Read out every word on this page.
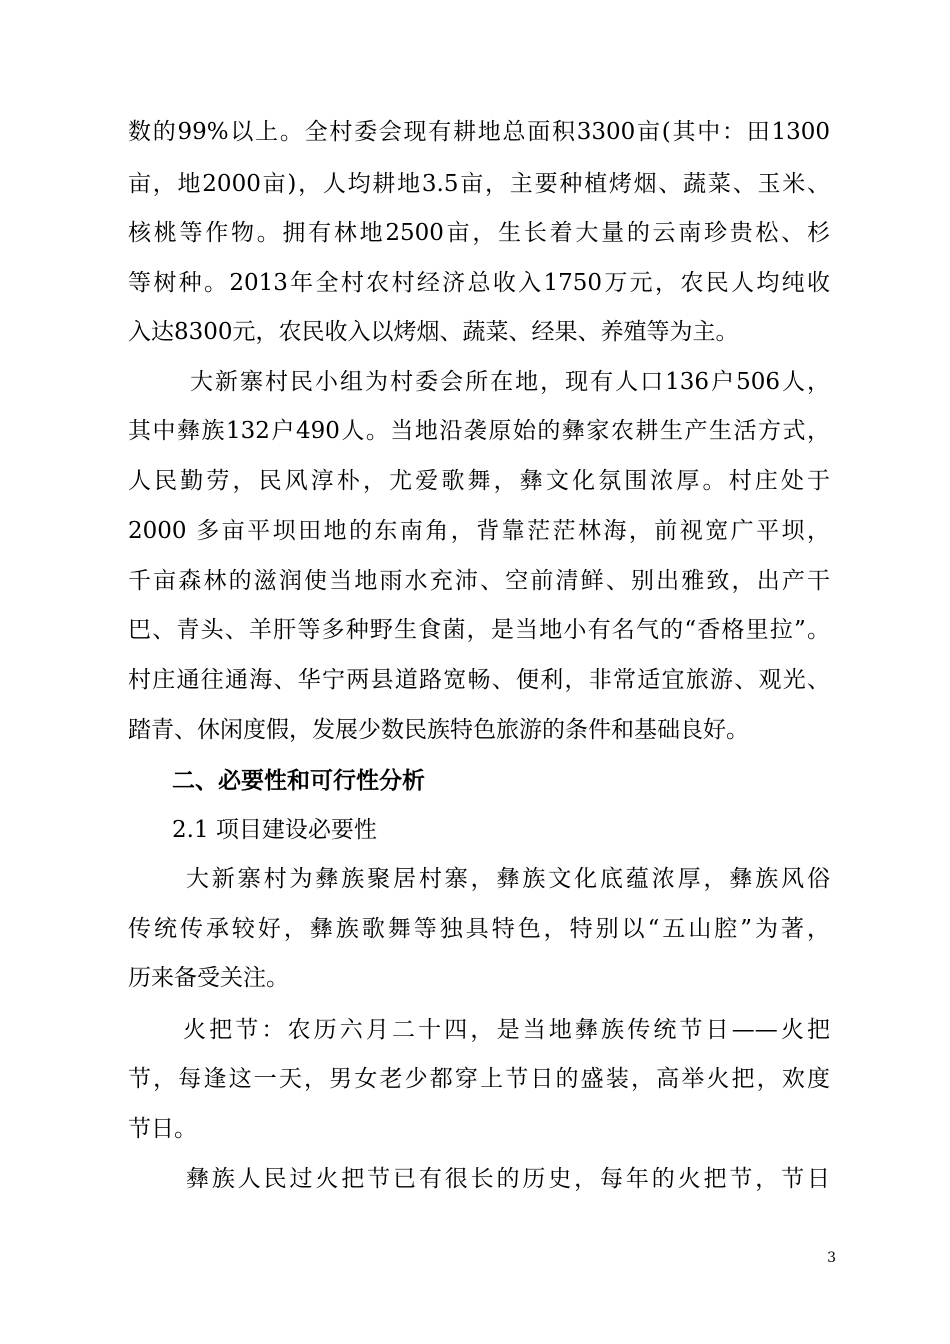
数的99%以上。全村委会现有耕地总面积3300亩(其中：田1300
亩，地2000亩)，人均耕地3.5亩，主要种植烤烟、蔬菜、玉米、
核桃等作物。拥有林地2500亩，生长着大量的云南珍贵松、杉
等树种。2013年全村农村经济总收入1750万元，农民人均纯收
入达8300元，农民收入以烤烟、蔬菜、经果、养殖等为主。
大新寨村民小组为村委会所在地，现有人口136户506人，
其中彝族132户490人。当地沿袭原始的彝家农耕生产生活方式，
人民勤劳，民风淳朴，尤爱歌舞，彝文化氛围浓厚。村庄处于
2000 多亩平坝田地的东南角，背靠茫茫林海，前视宽广平坝，
千亩森林的滋润使当地雨水充沛、空前清鲜、别出雅致，出产干
巴、青头、羊肝等多种野生食菌，是当地小有名气的“香格里拉”。
村庄通往通海、华宁两县道路宽畅、便利，非常适宜旅游、观光、
踏青、休闲度假，发展少数民族特色旅游的条件和基础良好。
二、必要性和可行性分析
2.1 项目建设必要性
大新寨村为彝族聚居村寨，彝族文化底蕴浓厚，彝族风俗
传统传承较好，彝族歌舞等独具特色，特别以“五山腔”为著，
历来备受关注。
火把节：农历六月二十四，是当地彝族传统节日——火把
节，每逢这一天，男女老少都穿上节日的盛装，高举火把，欢度
节日。
彝族人民过火把节已有很长的历史，每年的火把节，节日
3
